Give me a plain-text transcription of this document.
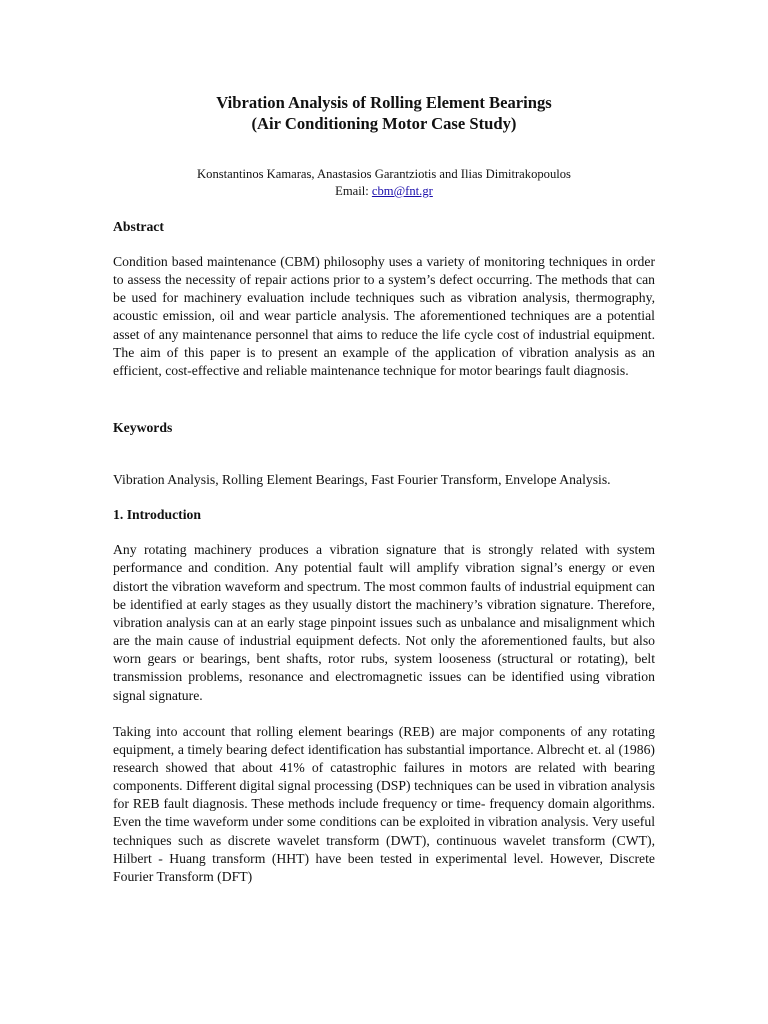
Vibration Analysis of Rolling Element Bearings
(Air Conditioning Motor Case Study)
Konstantinos Kamaras, Anastasios Garantziotis and Ilias Dimitrakopoulos
Email: cbm@fnt.gr
Abstract

Condition based maintenance (CBM) philosophy uses a variety of monitoring techniques in order to assess the necessity of repair actions prior to a system’s defect occurring. The methods that can be used for machinery evaluation include techniques such as vibration analysis, thermography, acoustic emission, oil and wear particle analysis. The aforementioned techniques are a potential asset of any maintenance personnel that aims to reduce the life cycle cost of industrial equipment. The aim of this paper is to present an example of the application of vibration analysis as an efficient, cost-effective and reliable maintenance technique for motor bearings fault diagnosis.

Keywords

Vibration Analysis, Rolling Element Bearings, Fast Fourier Transform, Envelope Analysis.

1. Introduction

Any rotating machinery produces a vibration signature that is strongly related with system performance and condition. Any potential fault will amplify vibration signal’s energy or even distort the vibration waveform and spectrum. The most common faults of industrial equipment can be identified at early stages as they usually distort the machinery’s vibration signature. Therefore, vibration analysis can at an early stage pinpoint issues such as unbalance and misalignment which are the main cause of industrial equipment defects. Not only the aforementioned faults, but also worn gears or bearings, bent shafts, rotor rubs, system looseness (structural or rotating), belt transmission problems, resonance and electromagnetic issues can be identified using vibration signal signature.

Taking into account that rolling element bearings (REB) are major components of any rotating equipment, a timely bearing defect identification has substantial importance. Albrecht et. al (1986) research showed that about 41% of catastrophic failures in motors are related with bearing components. Different digital signal processing (DSP) techniques can be used in vibration analysis for REB fault diagnosis. These methods include frequency or time- frequency domain algorithms. Even the time waveform under some conditions can be exploited in vibration analysis. Very useful techniques such as discrete wavelet transform (DWT), continuous wavelet transform (CWT), Hilbert - Huang transform (HHT) have been tested in experimental level. However, Discrete Fourier Transform (DFT)
